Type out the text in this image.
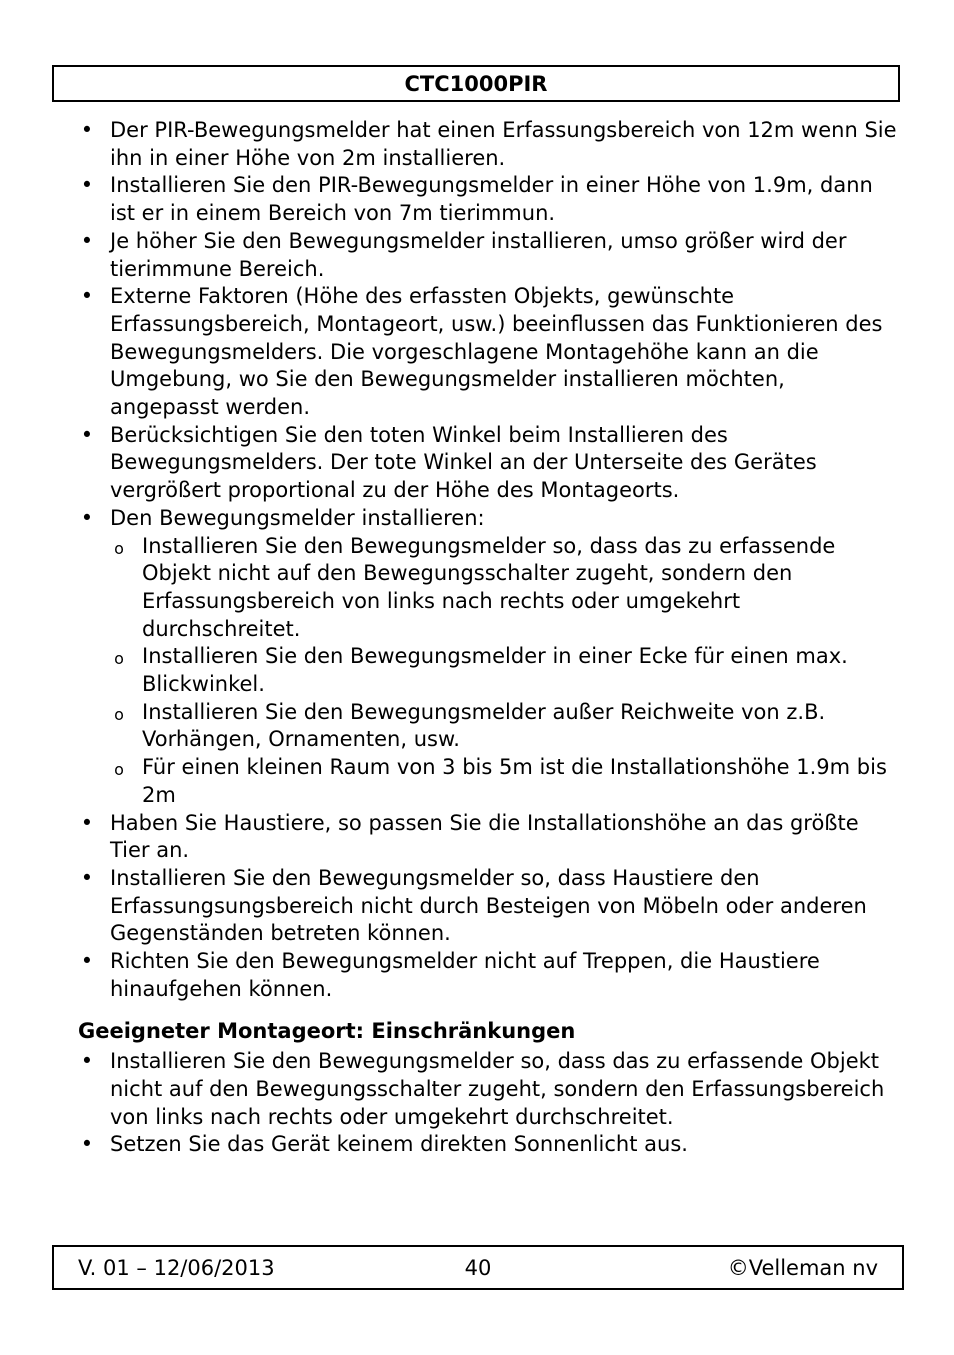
CTC1000PIR
• Der PIR-Bewegungsmelder hat einen Erfassungsbereich von 12m wenn Sie ihn in einer Höhe von 2m installieren.
• Installieren Sie den PIR-Bewegungsmelder in einer Höhe von 1.9m, dann ist er in einem Bereich von 7m tierimmun.
• Je höher Sie den Bewegungsmelder installieren, umso größer wird der tierimmune Bereich.
• Externe Faktoren (Höhe des erfassten Objekts, gewünschte Erfassungsbereich, Montageort, usw.) beeinflussen das Funktionieren des Bewegungsmelders. Die vorgeschlagene Montagehöhe kann an die Umgebung, wo Sie den Bewegungsmelder installieren möchten, angepasst werden.
• Berücksichtigen Sie den toten Winkel beim Installieren des Bewegungsmelders. Der tote Winkel an der Unterseite des Gerätes vergrößert proportional zu der Höhe des Montageorts.
• Den Bewegungsmelder installieren:
o Installieren Sie den Bewegungsmelder so, dass das zu erfassende Objekt nicht auf den Bewegungsschalter zugeht, sondern den Erfassungsbereich von links nach rechts oder umgekehrt durchschreitet.
o Installieren Sie den Bewegungsmelder in einer Ecke für einen max. Blickwinkel.
o Installieren Sie den Bewegungsmelder außer Reichweite von z.B. Vorhängen, Ornamenten, usw.
o Für einen kleinen Raum von 3 bis 5m ist die Installationshöhe 1.9m bis 2m
• Haben Sie Haustiere, so passen Sie die Installationshöhe an das größte Tier an.
• Installieren Sie den Bewegungsmelder so, dass Haustiere den Erfassungsungsbereich nicht durch Besteigen von Möbeln oder anderen Gegenständen betreten können.
• Richten Sie den Bewegungsmelder nicht auf Treppen, die Haustiere hinaufgehen können.
Geeigneter Montageort: Einschränkungen
• Installieren Sie den Bewegungsmelder so, dass das zu erfassende Objekt nicht auf den Bewegungsschalter zugeht, sondern den Erfassungsbereich von links nach rechts oder umgekehrt durchschreitet.
• Setzen Sie das Gerät keinem direkten Sonnenlicht aus.
V. 01 – 12/06/2013	40	©Velleman nv
